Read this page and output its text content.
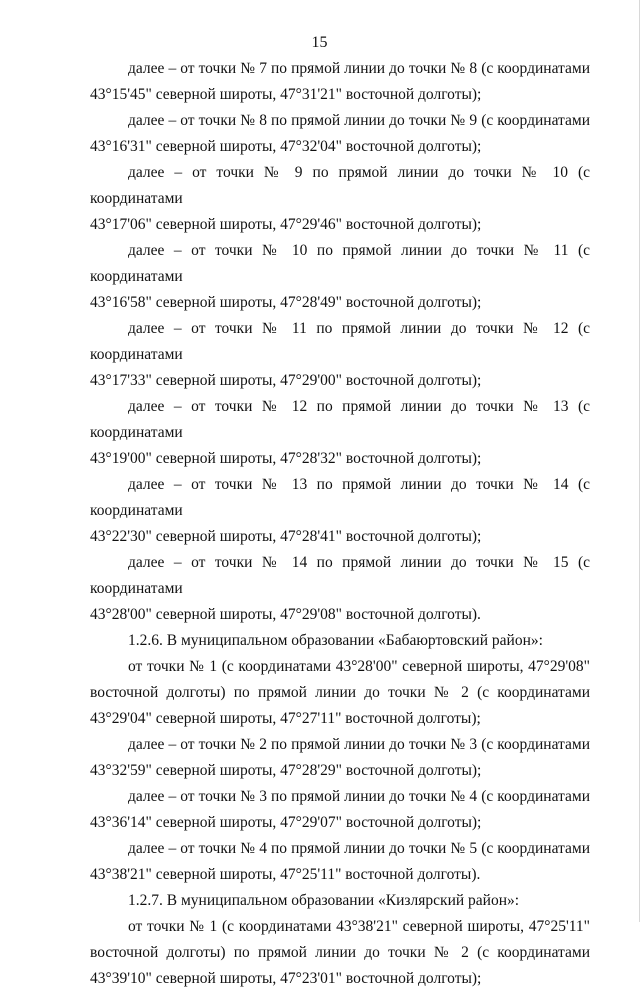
15

далее – от точки № 7 по прямой линии до точки № 8 (с координатами
43°15'45" северной широты, 47°31'21" восточной долготы);

далее – от точки № 8 по прямой линии до точки № 9 (с координатами
43°16'31" северной широты, 47°32'04" восточной долготы);

далее – от точки № 9 по прямой линии до точки № 10 (с координатами
43°17'06" северной широты, 47°29'46" восточной долготы);

далее – от точки № 10 по прямой линии до точки № 11 (с координатами
43°16'58" северной широты, 47°28'49" восточной долготы);

далее – от точки № 11 по прямой линии до точки № 12 (с координатами
43°17'33" северной широты, 47°29'00" восточной долготы);

далее – от точки № 12 по прямой линии до точки № 13 (с координатами
43°19'00" северной широты, 47°28'32" восточной долготы);

далее – от точки № 13 по прямой линии до точки № 14 (с координатами
43°22'30" северной широты, 47°28'41" восточной долготы);

далее – от точки № 14 по прямой линии до точки № 15 (с координатами
43°28'00" северной широты, 47°29'08" восточной долготы).

1.2.6. В муниципальном образовании «Бабаюртовский район»:

от точки № 1 (с координатами 43°28'00" северной широты, 47°29'08"
восточной долготы) по прямой линии до точки № 2 (с координатами
43°29'04" северной широты, 47°27'11" восточной долготы);

далее – от точки № 2 по прямой линии до точки № 3 (с координатами
43°32'59" северной широты, 47°28'29" восточной долготы);

далее – от точки № 3 по прямой линии до точки № 4 (с координатами
43°36'14" северной широты, 47°29'07" восточной долготы);

далее – от точки № 4 по прямой линии до точки № 5 (с координатами
43°38'21" северной широты, 47°25'11" восточной долготы).

1.2.7. В муниципальном образовании «Кизлярский район»:

от точки № 1 (с координатами 43°38'21" северной широты, 47°25'11"
восточной долготы) по прямой линии до точки № 2 (с координатами
43°39'10" северной широты, 47°23'01" восточной долготы);
